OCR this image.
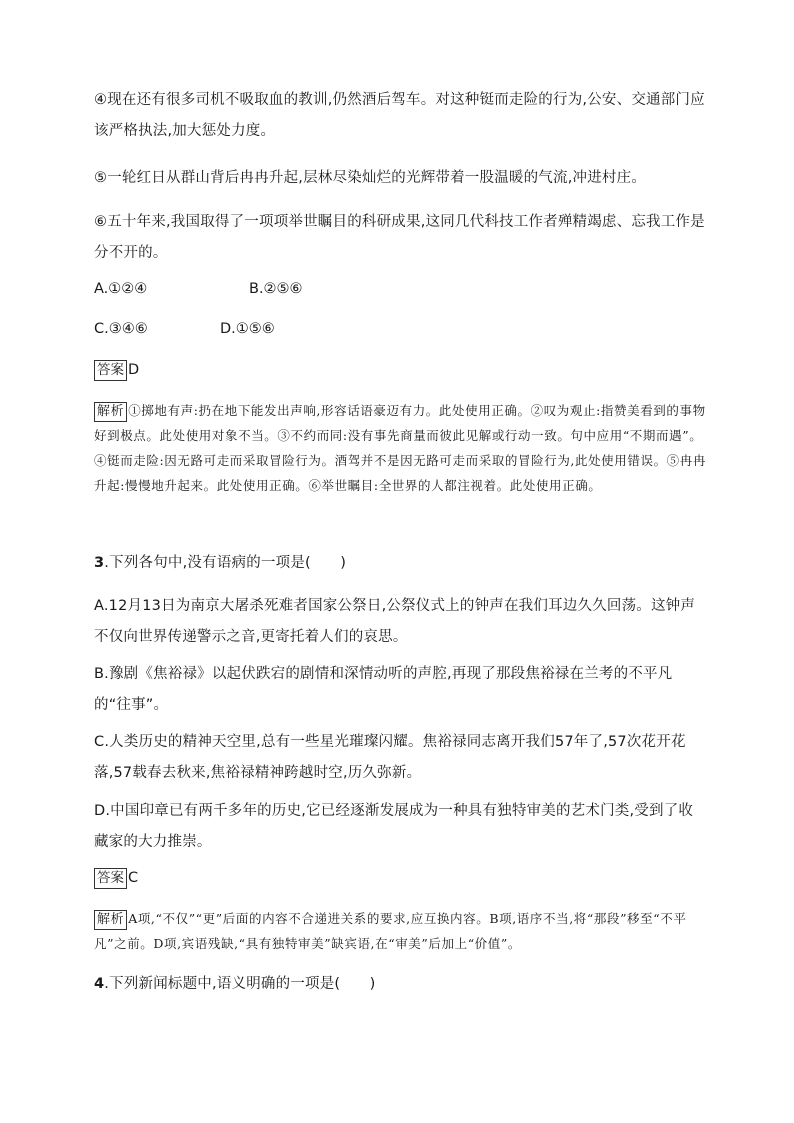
④现在还有很多司机不吸取血的教训,仍然酒后驾车。对这种铤而走险的行为,公安、交通部门应该严格执法,加大惩处力度。

⑤一轮红日从群山背后冉冉升起,层林尽染灿烂的光辉带着一股温暖的气流,冲进村庄。

⑥五十年来,我国取得了一项项举世瞩目的科研成果,这同几代科技工作者殚精竭虑、忘我工作是分不开的。

A.①②④	B.②⑤⑥
C.③④⑥	D.①⑤⑥
答案 D

解析 ①掷地有声:扔在地下能发出声响,形容话语豪迈有力。此处使用正确。②叹为观止:指赞美看到的事物好到极点。此处使用对象不当。③不约而同:没有事先商量而彼此见解或行动一致。句中应用“不期而遇”。④铤而走险:因无路可走而采取冒险行为。酒驾并不是因无路可走而采取的冒险行为,此处使用错误。⑤冉冉升起:慢慢地升起来。此处使用正确。⑥举世瞩目:全世界的人都注视着。此处使用正确。

3.下列各句中,没有语病的一项是(　　)

A.12月13日为南京大屠杀死难者国家公祭日,公祭仪式上的钟声在我们耳边久久回荡。这钟声不仅向世界传递警示之音,更寄托着人们的哀思。

B.豫剧《焦裕禄》以起伏跌宕的剧情和深情动听的声腔,再现了那段焦裕禄在兰考的不平凡的“往事”。

C.人类历史的精神天空里,总有一些星光璀璨闪耀。焦裕禄同志离开我们57年了,57次花开花落,57载春去秋来,焦裕禄精神跨越时空,历久弥新。

D.中国印章已有两千多年的历史,它已经逐渐发展成为一种具有独特审美的艺术门类,受到了收藏家的大力推崇。

答案 C

解析 A项,“不仅”“更”后面的内容不合递进关系的要求,应互换内容。B项,语序不当,将“那段”移至“不平凡”之前。D项,宾语残缺,“具有独特审美”缺宾语,在“审美”后加上“价值”。

4.下列新闻标题中,语义明确的一项是(　　)
